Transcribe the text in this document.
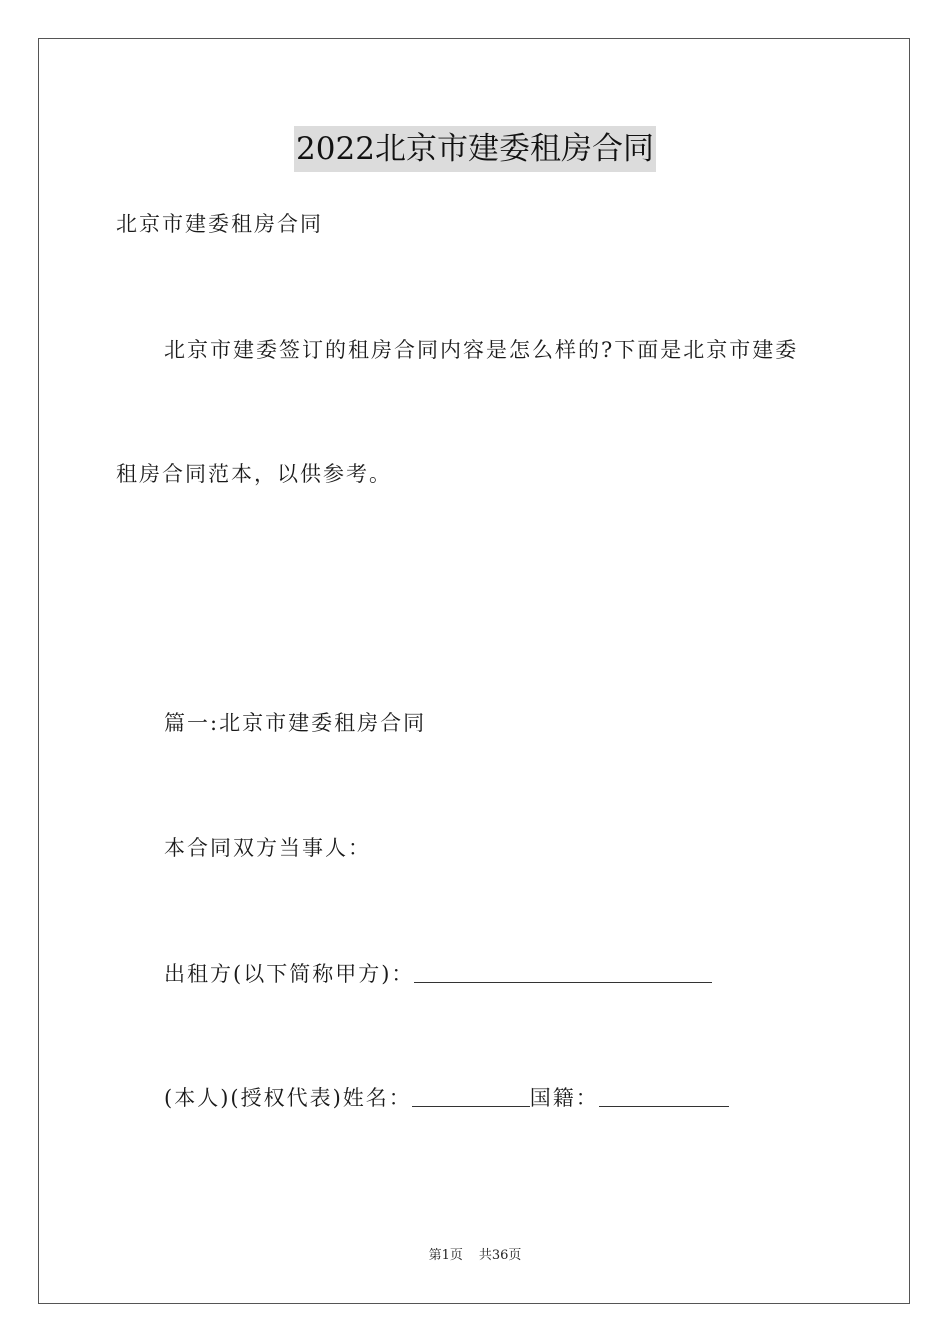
2022北京市建委租房合同
北京市建委租房合同
北京市建委签订的租房合同内容是怎么样的?下面是北京市建委
租房合同范本，以供参考。
篇一:北京市建委租房合同
本合同双方当事人：
出租方(以下简称甲方)：
(本人)(授权代表)姓名：	国籍：
第1页 共36页
